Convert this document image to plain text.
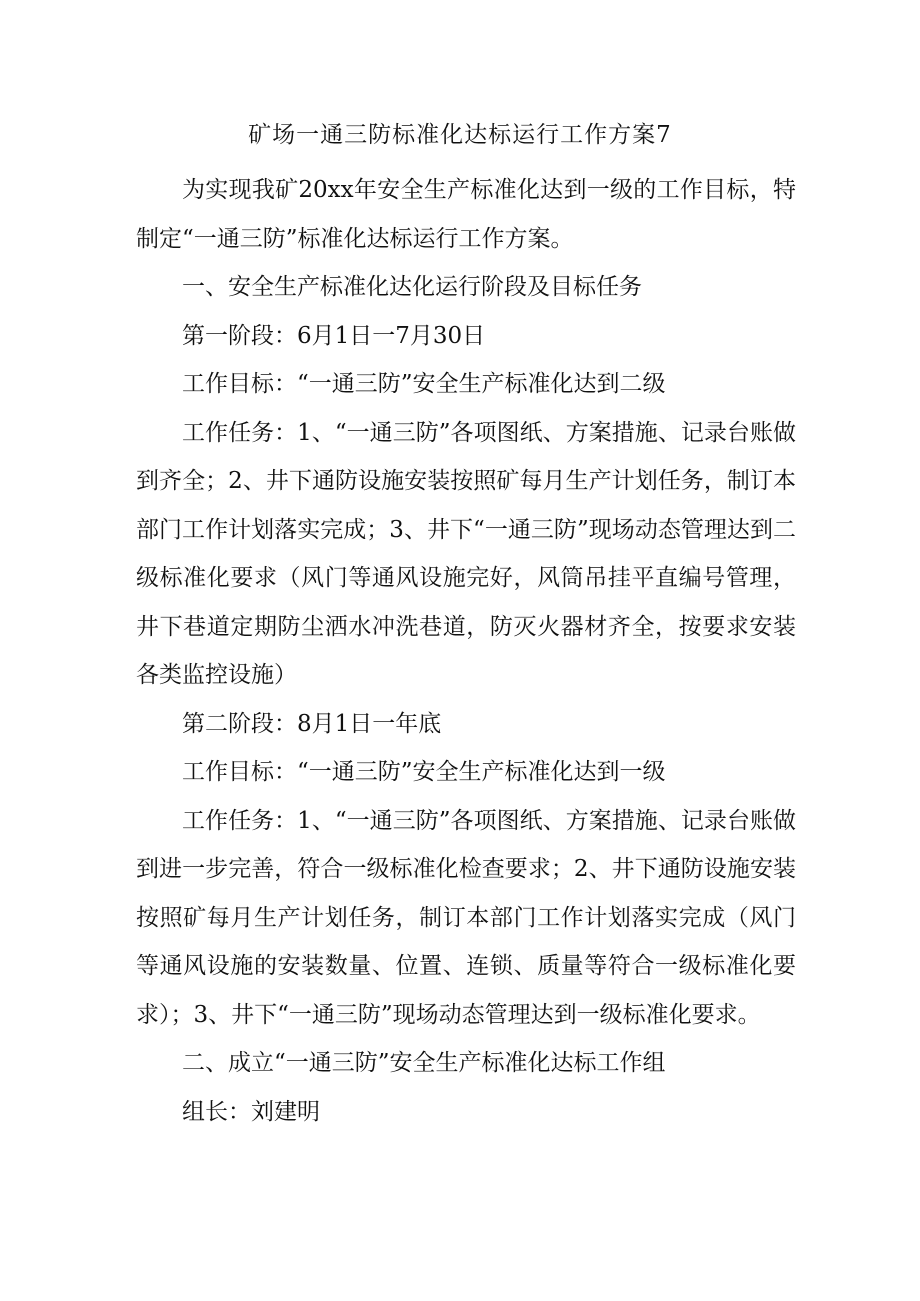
矿场一通三防标准化达标运行工作方案7

为实现我矿20xx年安全生产标准化达到一级的工作目标，特制定“一通三防”标准化达标运行工作方案。

一、安全生产标准化达化运行阶段及目标任务

第一阶段：6月1日一7月30日

工作目标：“一通三防”安全生产标准化达到二级

工作任务：1、“一通三防”各项图纸、方案措施、记录台账做到齐全；2、井下通防设施安装按照矿每月生产计划任务，制订本部门工作计划落实完成；3、井下“一通三防”现场动态管理达到二级标准化要求（风门等通风设施完好，风筒吊挂平直编号管理，井下巷道定期防尘洒水冲洗巷道，防灭火器材齐全，按要求安装各类监控设施）

第二阶段：8月1日一年底

工作目标：“一通三防”安全生产标准化达到一级

工作任务：1、“一通三防”各项图纸、方案措施、记录台账做到进一步完善，符合一级标准化检查要求；2、井下通防设施安装按照矿每月生产计划任务，制订本部门工作计划落实完成（风门等通风设施的安装数量、位置、连锁、质量等符合一级标准化要求）；3、井下“一通三防”现场动态管理达到一级标准化要求。

二、成立“一通三防”安全生产标准化达标工作组

组长：刘建明
